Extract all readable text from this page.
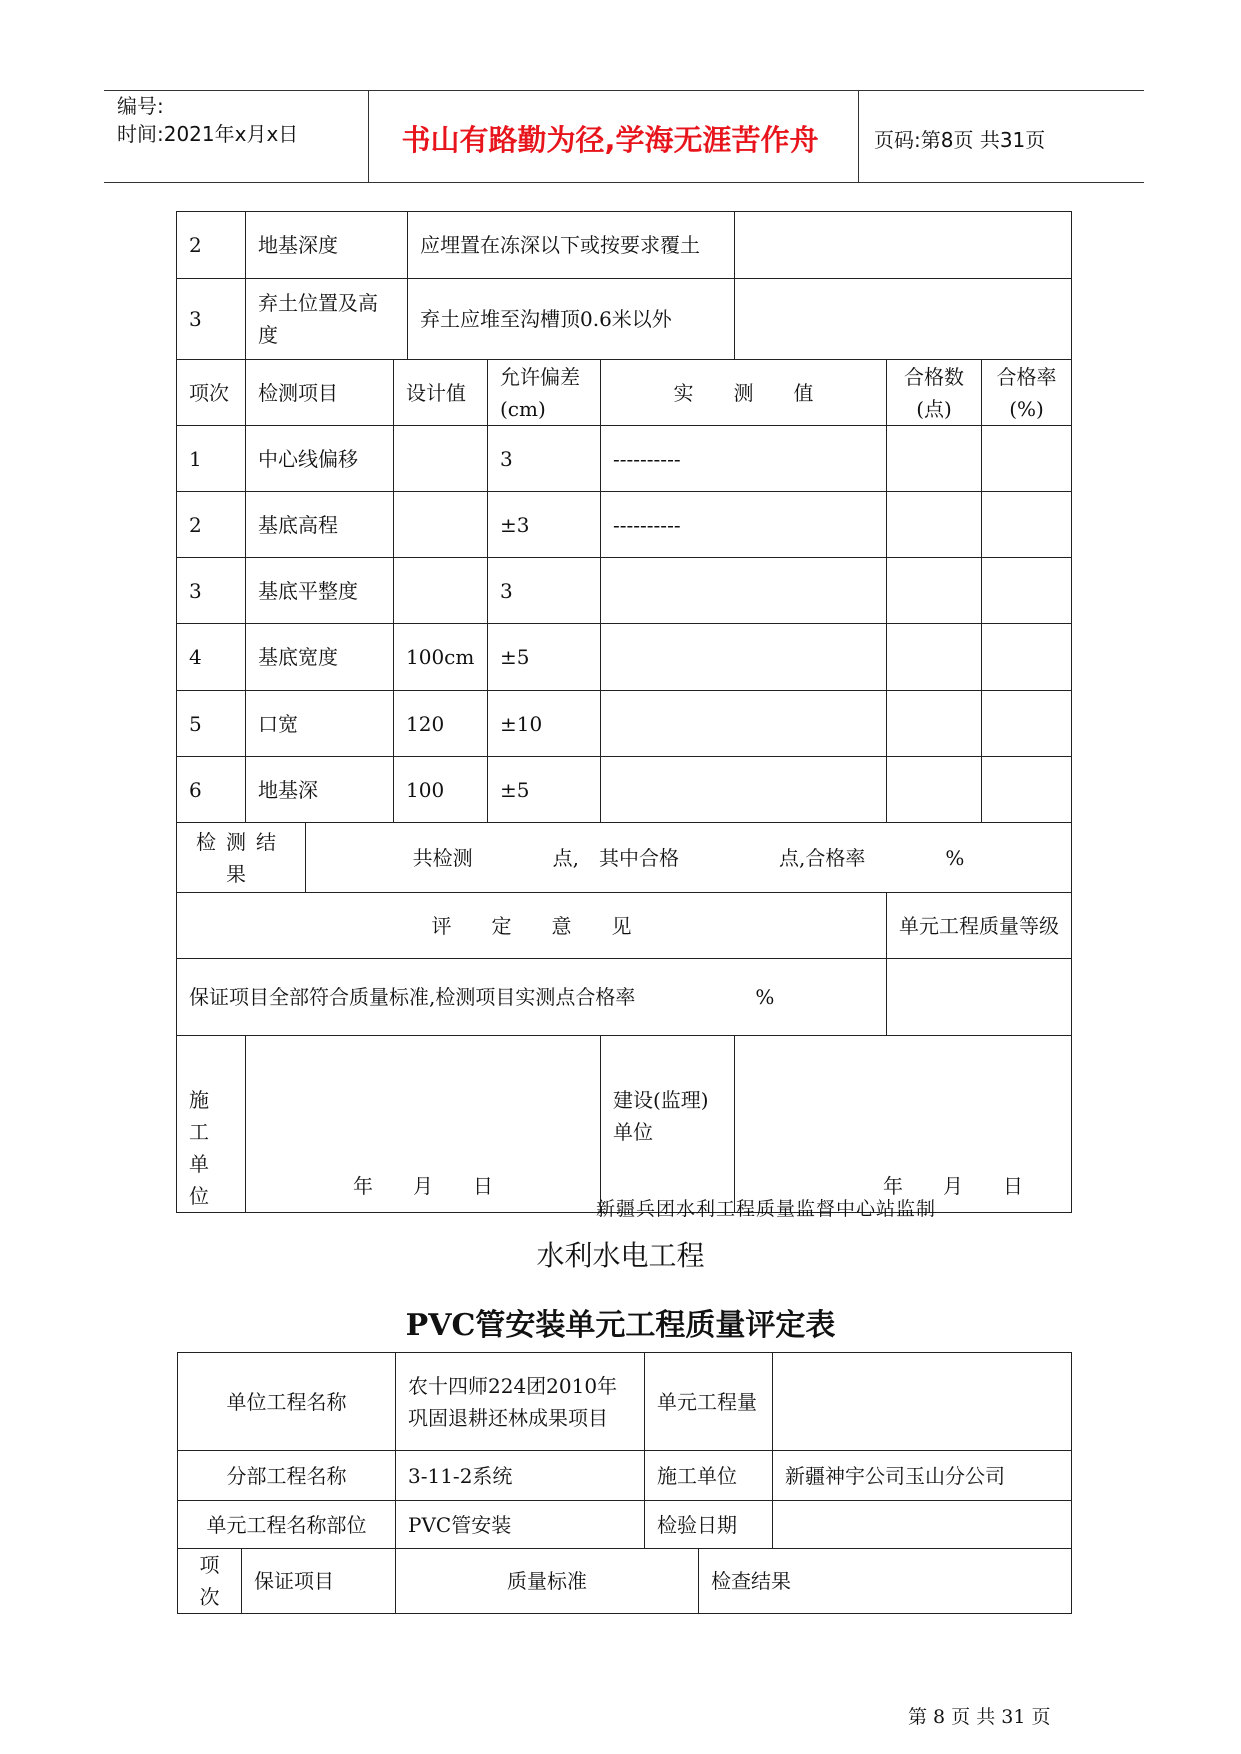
编号:
时间:2021年x月x日	书山有路勤为径,学海无涯苦作舟	页码:第8页 共31页
2	地基深度			应埋置在冻深以下或按要求覆土					
3	弃土位置及高度			弃土应堆至沟槽顶0.6米以外					
项次	检测项目		设计值		允许偏差(cm)	实　　测　　值		合格数(点)	合格率(%)
1	中心线偏移				3	----------			
2	基底高程				±3	----------			
3	基底平整度				3				
4	基底宽度		100cm		±5				
5	口宽		120		±10				
6	地基深		100		±5				
检测结果		共检测　　　　点,　其中合格　　　　　点,合格率　　　　%							
评　　定　　意　　见								单元工程质量等级	
保证项目全部符合质量标准,检测项目实测点合格率　　　　　　%									
施工单位	年　　月　　日					建设(监理)单位	年　　月　　日		
新疆兵团水利工程质量监督中心站监制
水利水电工程
PVC管安装单元工程质量评定表
单位工程名称		农十四师224团2010年巩固退耕还林成果项目	单元工程量		
分部工程名称		3-11-2系统	施工单位		新疆神宇公司玉山分公司
单元工程名称部位		PVC管安装	检验日期		
项次	保证项目	质量标准		检查结果	
第 8 页 共 31 页
